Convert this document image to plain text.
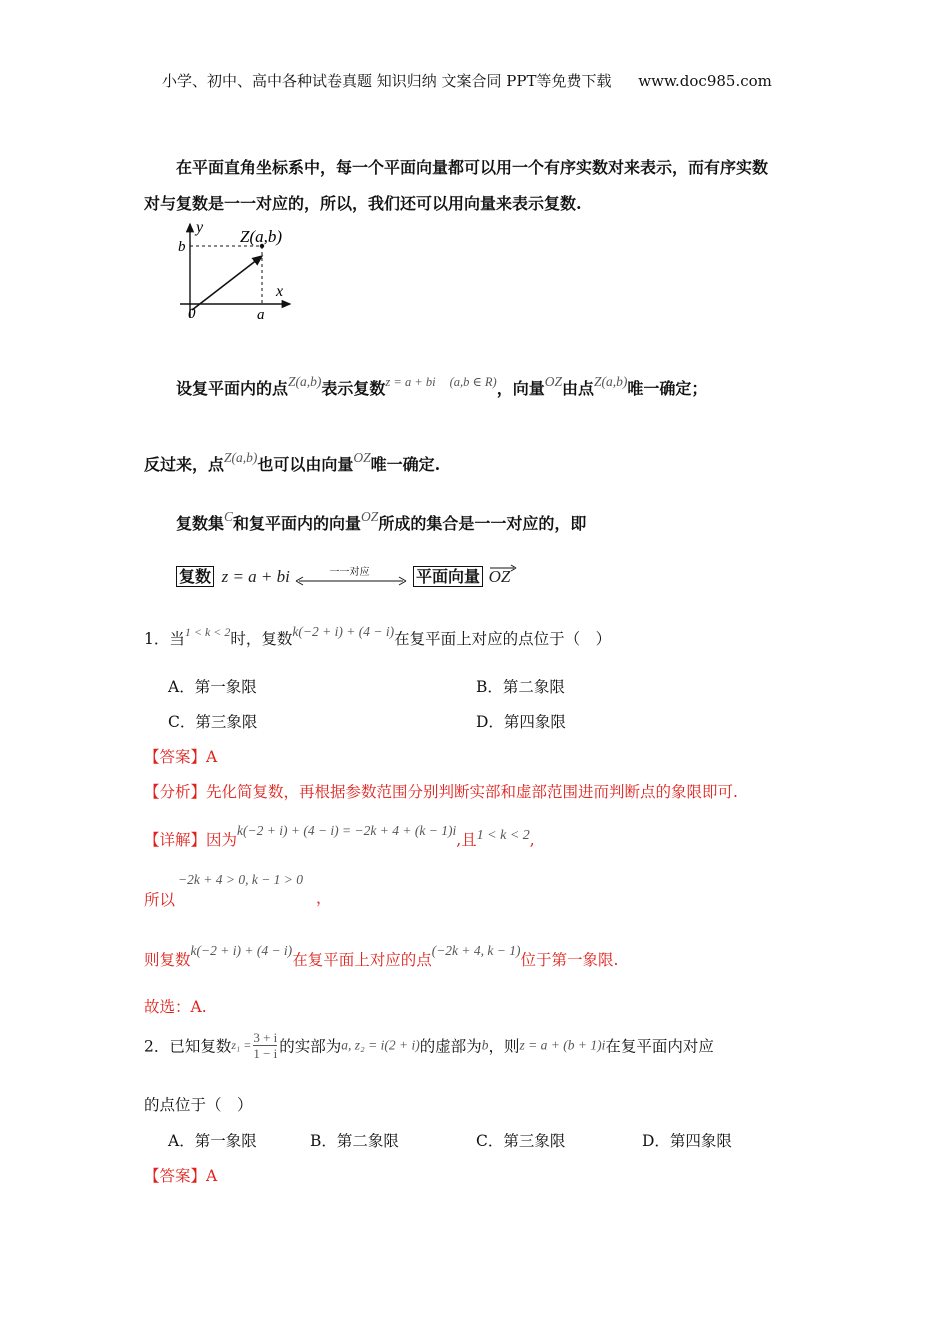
小学、初中、高中各种试卷真题 知识归纳 文案合同 PPT等免费下载 www.doc985.com
在平面直角坐标系中，每一个平面向量都可以用一个有序实数对来表示，而有序实数
对与复数是一一对应的，所以，我们还可以用向量来表示复数.
y
x
b
a
0
Z(a,b)
设复平面内的点$^{Z(a,b)}$表示复数$^{z = a + bi}$ $^{(a,b \in R)}$，向量$^{OZ}$由点$^{Z(a,b)}$唯一确定；
反过来，点$^{Z(a,b)}$也可以由向量$^{OZ}$唯一确定.
复数集$^C$和复平面内的向量$^{OZ}$所成的集合是一一对应的，即
复数 z = a + bi	一一对应	平面向量 OZ
1．当$^{1 < k < 2}$时，复数k(−2 + i) + (4 − i)在复平面上对应的点位于（　）
A．第一象限	B．第二象限
C．第三象限	D．第四象限
【答案】A
【分析】先化简复数，再根据参数范围分别判断实部和虚部范围进而判断点的象限即可.
【详解】因为k(−2 + i) + (4 − i) = −2k + 4 + (k − 1)i,且1 < k < 2,
所以
−2k + 4 > 0, k − 1 > 0
，
则复数k(−2 + i) + (4 − i)在复平面上对应的点(−2k + 4, k − 1)位于第一象限.
故选：A.
2．已知复数$z_1 = \frac{3 + i}{1 - i}$ 的实部为a, z₂ = i(2 + i)的虚部为b，则z = a + (b + 1)i在复平面内对应
的点位于（　）
A．第一象限	B．第二象限	C．第三象限	D．第四象限
【答案】A
